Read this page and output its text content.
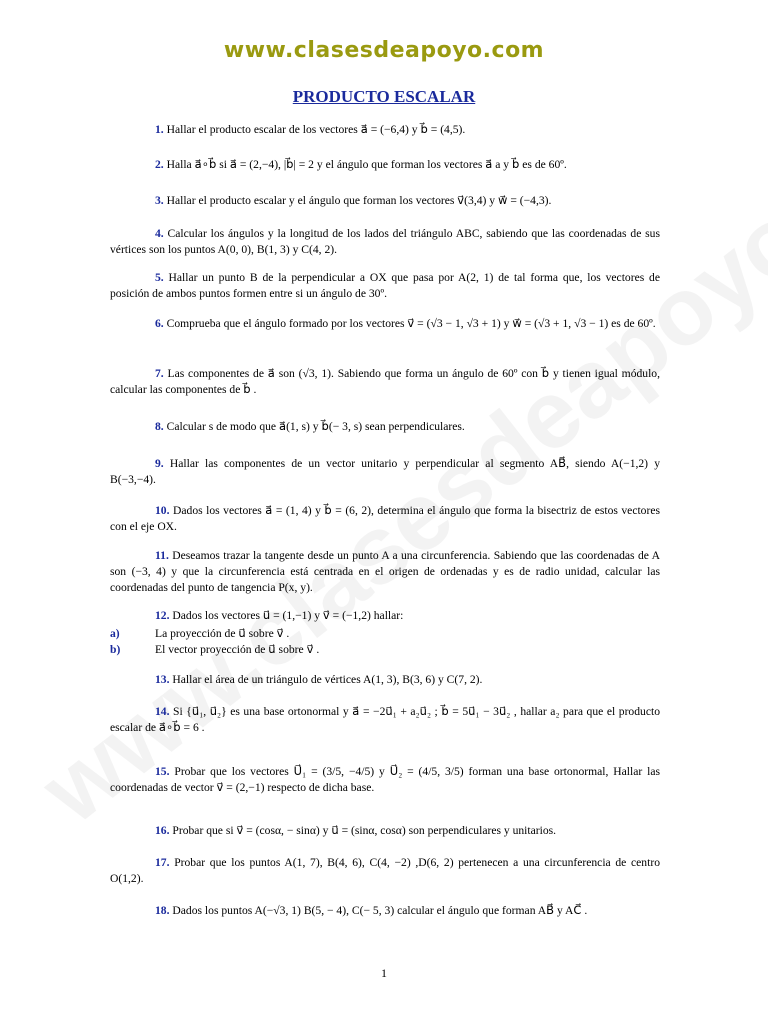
www.clasesdeapoyo.com
PRODUCTO ESCALAR
1. Hallar el producto escalar de los vectores a⃗ = (−6,4) y b⃗ = (4,5).
2. Halla a⃗∘b⃗ si a⃗ = (2,−4), |b⃗| = 2 y el ángulo que forman los vectores a⃗ a y b⃗ es de 60º.
3. Hallar el producto escalar y el ángulo que forman los vectores v⃗(3,4) y w⃗ = (−4,3).
4. Calcular los ángulos y la longitud de los lados del triángulo ABC, sabiendo que las coordenadas de sus vértices son los puntos A(0, 0), B(1, 3) y C(4, 2).
5. Hallar un punto B de la perpendicular a OX que pasa por A(2, 1) de tal forma que, los vectores de posición de ambos puntos formen entre si un ángulo de 30º.
6. Comprueba que el ángulo formado por los vectores v⃗ = (√3 − 1, √3 + 1) y w⃗ = (√3 + 1, √3 − 1) es de 60º.
7. Las componentes de a⃗ son (√3, 1). Sabiendo que forma un ángulo de 60º con b⃗ y tienen igual módulo, calcular las componentes de b⃗ .
8. Calcular s de modo que a⃗(1, s) y b⃗(− 3, s) sean perpendiculares.
9. Hallar las componentes de un vector unitario y perpendicular al segmento AB⃗, siendo A(−1,2) y B(−3,−4).
10. Dados los vectores a⃗ = (1, 4) y b⃗ = (6, 2), determina el ángulo que forma la bisectriz de estos vectores con el eje OX.
11. Deseamos trazar la tangente desde un punto A a una circunferencia. Sabiendo que las coordenadas de A son (−3, 4) y que la circunferencia está centrada en el origen de ordenadas y es de radio unidad, calcular las coordenadas del punto de tangencia P(x, y).
12. Dados los vectores u⃗ = (1,−1) y v⃗ = (−1,2) hallar:
a)	La proyección de u⃗ sobre v⃗ .
b)	El vector proyección de u⃗ sobre v⃗ .
13. Hallar el área de un triángulo de vértices A(1, 3), B(3, 6) y C(7, 2).
14. Si {u⃗₁, u⃗₂} es una base ortonormal y a⃗ = −2u⃗₁ + a₂u⃗₂ ; b⃗ = 5u⃗₁ − 3u⃗₂ , hallar a₂ para que el producto escalar de a⃗∘b⃗ = 6 .
15. Probar que los vectores U⃗₁ = (3/5, −4/5) y U⃗₂ = (4/5, 3/5) forman una base ortonormal, Hallar las coordenadas de vector v⃗ = (2,−1) respecto de dicha base.
16. Probar que si v⃗ = (cosα, − sinα) y u⃗ = (sinα, cosα) son perpendiculares y unitarios.
17. Probar que los puntos A(1, 7), B(4, 6), C(4, −2) ,D(6, 2) pertenecen a una circunferencia de centro O(1,2).
18. Dados los puntos A(−√3, 1) B(5, − 4), C(− 5, 3) calcular el ángulo que forman AB⃗ y AC⃗ .
1
